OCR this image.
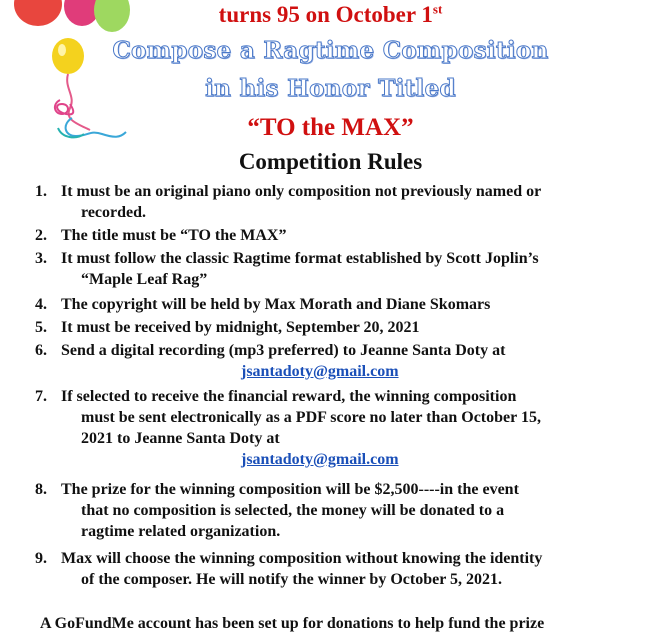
turns 95 on October 1st
Compose a Ragtime Composition
in his Honor Titled
“TO the MAX”
Competition Rules
1. It must be an original piano only composition not previously named or
recorded.
2. The title must be “TO the MAX”
3. It must follow the classic Ragtime format established by Scott Joplin’s
“Maple Leaf Rag”
4. The copyright will be held by Max Morath and Diane Skomars
5. It must be received by midnight, September 20, 2021
6. Send a digital recording (mp3 preferred) to Jeanne Santa Doty at
jsantadoty@gmail.com
7. If selected to receive the financial reward, the winning composition
must be sent electronically as a PDF score no later than October 15,
2021 to Jeanne Santa Doty at
jsantadoty@gmail.com
8. The prize for the winning composition will be $2,500----in the event
that no composition is selected, the money will be donated to a
ragtime related organization.
9. Max will choose the winning composition without knowing the identity
of the composer. He will notify the winner by October 5, 2021.
A GoFundMe account has been set up for donations to help fund the prize
